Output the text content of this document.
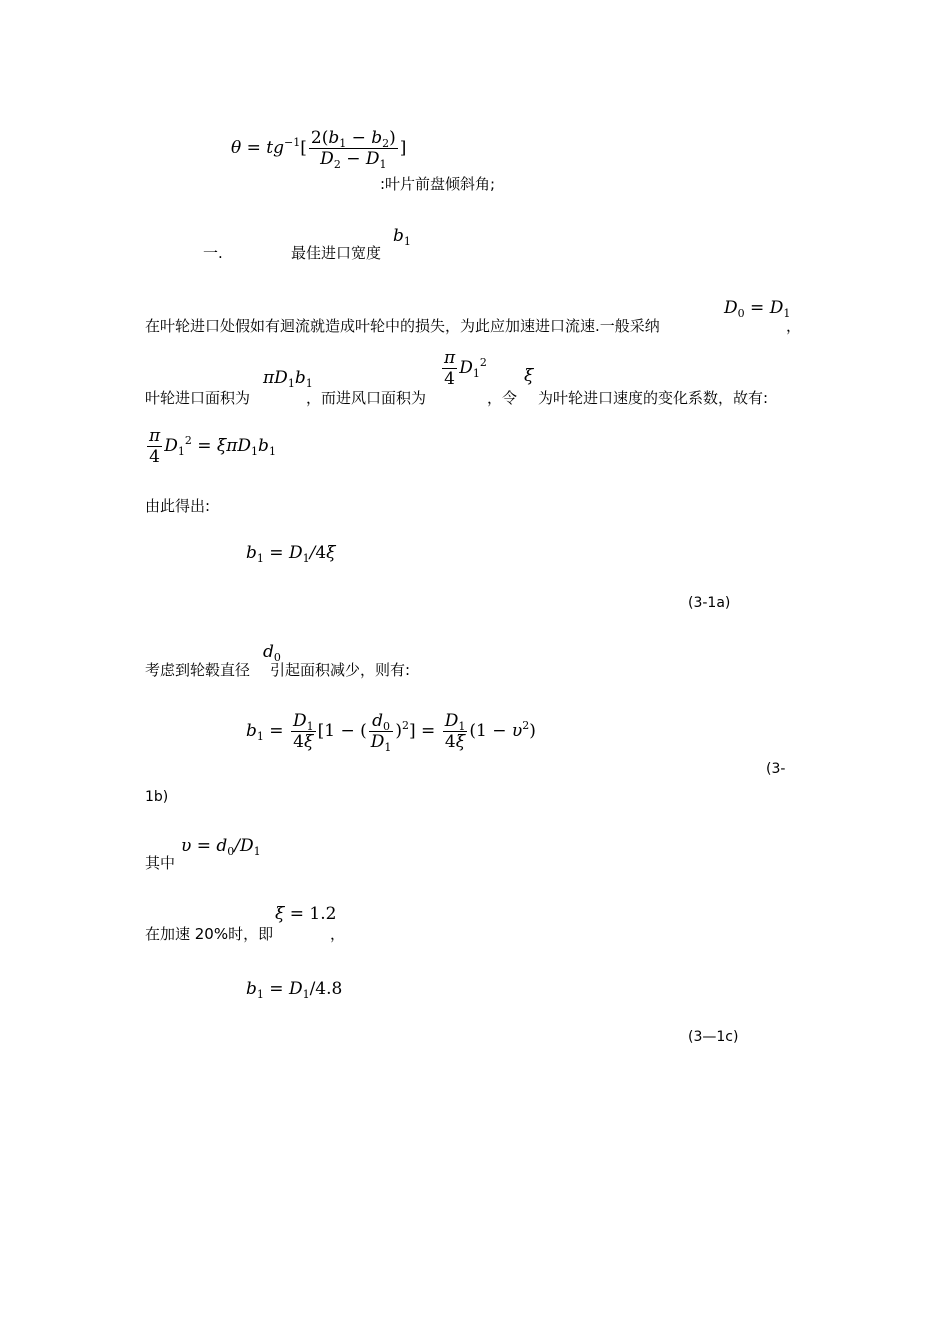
$\theta = tg^{-1}[ \frac{2(b_1 - b_2)}{D_2 - D_1}$ ]
:叶片前盘倾斜角;
一.	最佳进口宽度
$b_1$
$D_0 = D_1$
在叶轮进口处假如有迴流就造成叶轮中的损失，为此应加速进口流速.一般采纳	，
$\pi D_1b_1$	$\frac{\pi}{4} D_1^2$
ξ
叶轮进口面积为	，而进风口面积为	，令 为叶轮进口速度的变化系数，故有:
$\frac{\pi}{4} D_1^2 = \xi\pi D_1b_1$
由此得出:
$b_1 = D_1/4\xi$
(3-1a)
$d_0$
考虑到轮毂直径 引起面积减少，则有:
$b_1 = \frac{D_1}{4\xi} [1$ − ( $\frac{d_0}{D_1} )^2] = \frac{D_1}{4\xi} (1 - \upsilon^2)$
(3-
1b)
$\upsilon = d_0/D_1$
其中
ξ = 1.2
在加速 20%时，即	，
$b_1 = D_1/4.8$
(3—1c)
